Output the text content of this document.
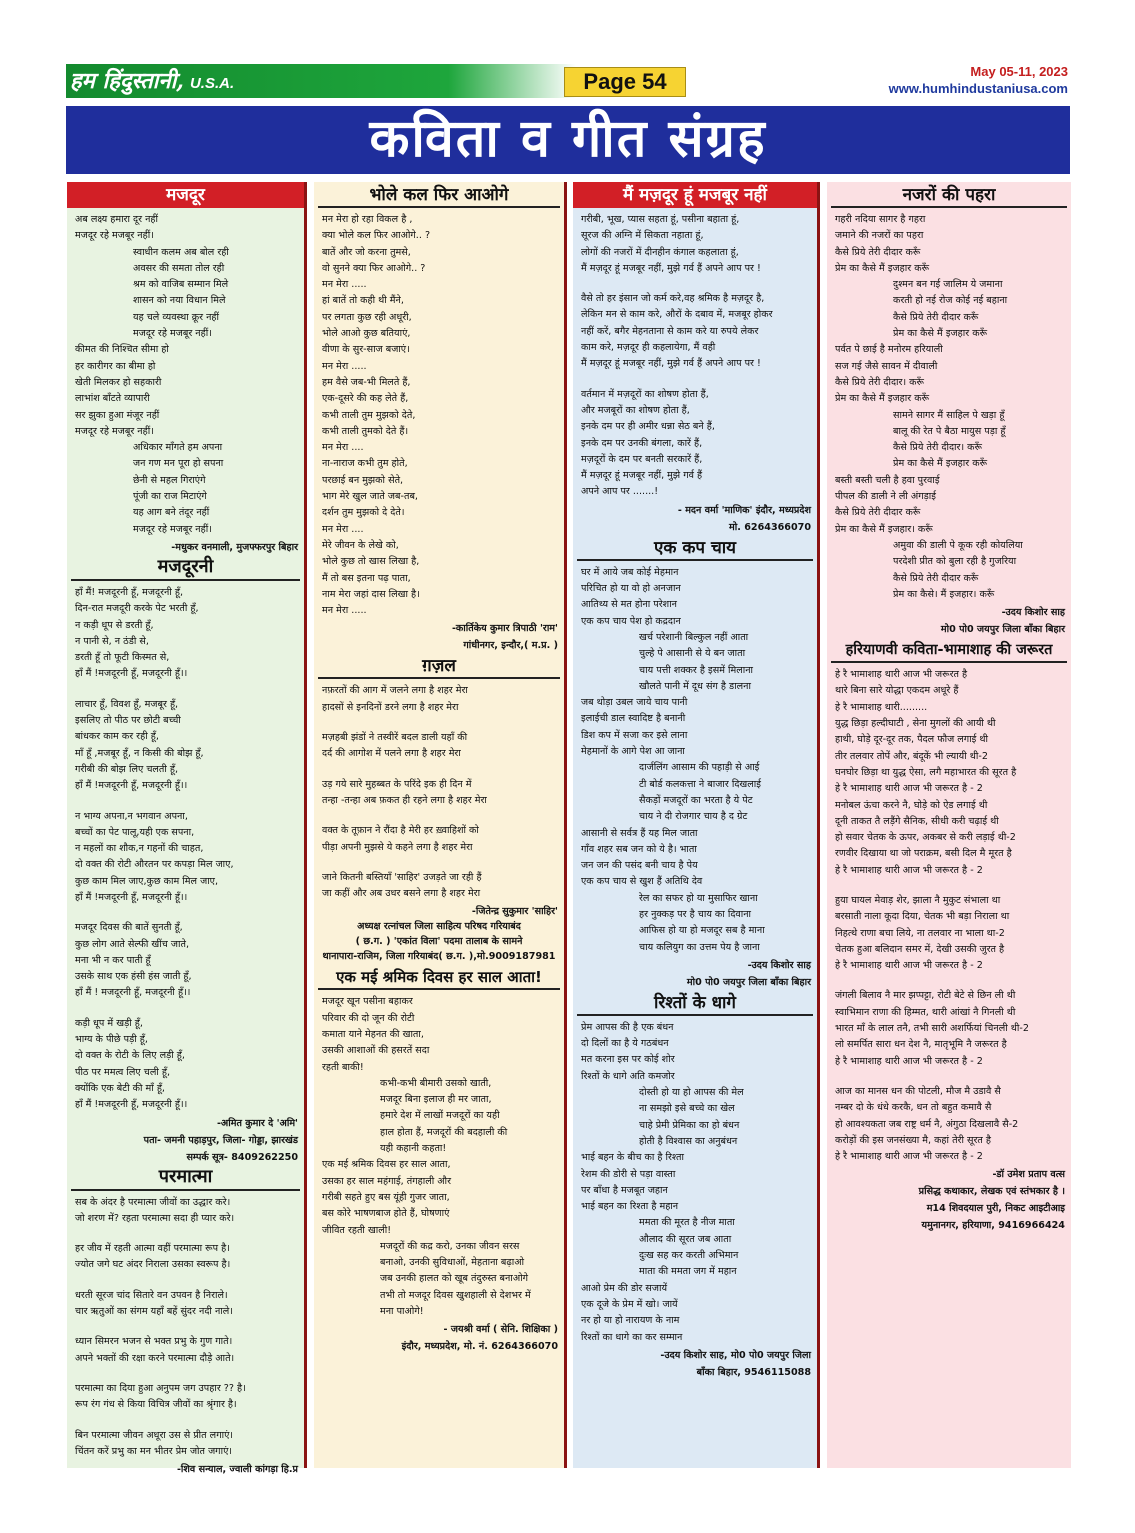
हम हिंदुस्तानी, U.S.A.	Page 54	May 05-11, 2023
www.humhindustaniusa.com
कविता व गीत संग्रह
मजदूर
अब लक्ष्य हमारा दूर नहीं
मजदूर रहे मजबूर नहीं।
स्वाधीन कलम अब बोल रही
अवसर की समता तोल रही
श्रम को वाजिब सम्मान मिले
शासन को नया विधान मिले
यह चले व्यवस्था क्रूर नहीं
मजदूर रहे मजबूर नहीं।
कीमत की निश्चित सीमा हो
हर कारीगर का बीमा हो
खेती मिलकर हो सहकारी
लाभांश बाँटते व्यापारी
सर झुका हुआ मंजूर नहीं
मजदूर रहे मजबूर नहीं।
अधिकार माँगते हम अपना
जन गण मन पूरा हो सपना
छेनी से महल गिराएंगे
पूंजी का राज मिटाएंगे
यह आग बने तंदूर नहीं
मजदूर रहे मजबूर नहीं।
-मधुकर वनमाली, मुजफ्फरपुर बिहार
मजदूरनी
हाँ मैं! मजदूरनी हूँ, मजदूरनी हूँ,
दिन-रात मजदूरी करके पेट भरती हूँ,
न कड़ी धूप से डरती हूँ,
न पानी से, न ठंडी से,
डरती हूँ तो फूटी किस्मत से,
हाँ मैं !मजदूरनी हूँ, मजदूरनी हूँ।।
लाचार हूँ, विवश हूँ, मजबूर हूँ,
इसलिए तो पीठ पर छोटी बच्ची
बांधकर काम कर रही हूँ,
माँ हूँ ,मजबूर हूँ, न किसी की बोझ हूँ,
गरीबी की बोझ लिए चलती हूँ,
हाँ मैं !मजदूरनी हूँ, मजदूरनी हूँ।।
न भाग्य अपना,न भगवान अपना,
बच्चों का पेट पालू,यही एक सपना,
न महलों का शौक,न गहनों की चाहत,
दो वक्त की रोटी औरतन पर कपड़ा मिल जाए,
कुछ काम मिल जाए,कुछ काम मिल जाए,
हाँ मैं !मजदूरनी हूँ, मजदूरनी हूँ।।
मजदूर दिवस की बातें सुनती हूँ,
कुछ लोग आते सेल्फी खींच जाते,
मना भी न कर पाती हूँ
उसके साथ एक हंसी हंस जाती हूँ,
हाँ मैं ! मजदूरनी हूँ, मजदूरनी हूँ।।
कड़ी धूप में खड़ी हूँ,
भाग्य के पीछे पड़ी हूँ,
दो वक्त के रोटी के लिए लड़ी हूँ,
पीठ पर ममत्व लिए चली हूँ,
क्योंकि एक बेटी की माँ हूँ,
हाँ मैं !मजदूरनी हूँ, मजदूरनी हूँ।।
-अमित कुमार दे 'अमि'
पता- जमनी पहाड़पुर, जिला- गोड्डा, झारखंड
सम्पर्क सूत्र- 8409262250
परमात्मा
सब के अंदर है परमात्मा जीवों का उद्धार करे।
जो शरण में? रहता परमात्मा सदा ही प्यार करे।
हर जीव में रहती आत्मा वहीं परमात्मा रूप है।
ज्योत जगे घट अंदर निराला उसका स्वरूप है।
धरती सूरज चांद सितारे वन उपवन है निराले।
चार ऋतुओं का संगम यहाँ बहें सुंदर नदी नाले।
ध्यान सिमरन भजन से भक्त प्रभु के गुण गाते।
अपने भक्तों की रक्षा करने परमात्मा दौड़े आते।
परमात्मा का दिया हुआ अनुपम जग उपहार ?? है।
रूप रंग गंध से किया विचित्र जीवों का श्रृंगार है।
बिन परमात्मा जीवन अधूरा उस से प्रीत लगाएं।
चिंतन करें प्रभु का मन भीतर प्रेम जोत जगाएं।
-शिव सन्याल, ज्वाली कांगड़ा हि.प्र
भोले कल फिर आओगे
मन मेरा हो रहा विकल है ,
क्या भोले कल फिर आओगे.. ?
बातें और जो करना तुमसे,
वो सुनने क्या फिर आओगे.. ?
मन मेरा .....
हां बातें तो कही थी मैंने,
पर लगता कुछ रही अधूरी,
भोले आओ कुछ बतियाएं,
वीणा के सुर-साज बजाएं।
मन मेरा .....
हम वैसे जब-भी मिलते हैं,
एक-दूसरे की कह लेते हैं,
कभी ताली तुम मुझको देते,
कभी ताली तुमको देते हैं।
मन मेरा ....
ना-नाराज कभी तुम होते,
परछाई बन मुझको सेते,
भाग मेरे खुल जाते जब-तब,
दर्शन तुम मुझको दे देते।
मन मेरा ....
मेरे जीवन के लेखे को,
भोले कुछ तो खास लिखा है,
मैं तो बस इतना पढ़ पाता,
नाम मेरा जहां दास लिखा है।
मन मेरा .....
-कार्तिकेय कुमार त्रिपाठी 'राम'
गांधीनगर, इन्दौर,( म.प्र. )
ग़ज़ल
नफ़रतों की आग में जलने लगा है शहर मेरा
हादसों से इनदिनों डरने लगा है शहर मेरा
मज़हबी झंडों ने तस्वीरें बदल डाली यहाँ की
दर्द की आगोश में पलने लगा है शहर मेरा
उड़ गये सारे मुहब्बत के परिंदे इक ही दिन में
तन्हा -तन्हा अब फ़कत ही रहने लगा है शहर मेरा
वक्त के तूफ़ान ने रौंदा है मेरी हर ख़्वाहिशों को
पीड़ा अपनी मुझसे ये कहने लगा है शहर मेरा
जाने कितनी बस्तियाँ 'साहिर' उजड़ते जा रही हैं
जा कहीं और अब उधर बसने लगा है शहर मेरा
-जितेन्द्र सुकुमार 'साहिर'
अध्यक्ष रत्नांचल जिला साहित्य परिषद गरियाबंद
( छ.ग. ) 'एकांत विला' पदमा तालाब के सामने
थानापारा-राजिम, जिला गरियाबंद( छ.ग. ),मो.9009187981
एक मई श्रमिक दिवस हर साल आता!
मजदूर खून पसीना बहाकर
परिवार की दो जून की रोटी
कमाता याने मेहनत की खाता,
उसकी आशाओं की हसरतें सदा
रहती बाकी!
कभी-कभी बीमारी उसको खाती,
मजदूर बिना इलाज ही मर जाता,
हमारे देश में लाखों मजदूरों का यही
हाल होता हैं, मजदूरों की बदहाली की
यही कहानी कहता!
एक मई श्रमिक दिवस हर साल आता,
उसका हर साल महंगाई, तंगहाली और
गरीबी सहते हुए बस यूंही गुजर जाता,
बस कोरे भाषणबाज होते हैं, घोषणाएं
जीवित रहती खाली!
मजदूरों की कद्र करो, उनका जीवन सरस
बनाओ, उनकी सुविधाओं, मेहताना बढ़ाओ
जब उनकी हालत को खूब तंदुरुस्त बनाओगे
तभी तो मजदूर दिवस खुशहाली से देशभर में
मना पाओगे!
- जयश्री वर्मा ( सेनि. शिक्षिका )
इंदौर, मध्यप्रदेश, मो. नं. 6264366070
मैं मज़दूर हूं मजबूर नहीं
गरीबी, भूख, प्यास सहता हूं, पसीना बहाता हूं,
सूरज की अग्नि में सिकता नहाता हूं,
लोगों की नजरों में दीनहीन कंगाल कहलाता हूं,
मैं मज़दूर हूं मजबूर नहीं, मुझे गर्व हैं अपने आप पर !
वैसे तो हर इंसान जो कर्म करे,वह श्रमिक है मज़दूर है,
लेकिन मन से काम करे, औरों के दबाव में, मजबूर होकर
नहीं करें, बगैर मेहनताना से काम करे या रुपये लेकर
काम करे, मज़दूर ही कहलायेगा, मैं वही
मैं मज़दूर हूं मजबूर नहीं, मुझे गर्व हैं अपने आप पर !
वर्तमान में मज़दूरों का शोषण होता हैं,
और मजबूरों का शोषण होता हैं,
इनके दम पर ही अमीर धन्ना सेठ बने हैं,
इनके दम पर उनकी बंगला, कारें हैं,
मज़दूरों के दम पर बनती सरकारें हैं,
मैं मज़दूर हूं मजबूर नहीं, मुझे गर्व हैं
अपने आप पर .......!
- मदन वर्मा 'माणिक' इंदौर, मध्यप्रदेश
मो. 6264366070
एक कप चाय
घर में आये जब कोई मेहमान
परिचित हो या वो हो अनजान
आतिथ्य से मत होना परेशान
एक कप चाय पेश हो कद्रदान
खर्च परेशानी बिल्कुल नहीं आता
चुल्हे पे आसानी से ये बन जाता
चाय पत्ती शक्कर है इसमें मिलाना
खौलते पानी में दूध संग है डालना
जब थोड़ा उबल जाये चाय पानी
इलाईची डाल स्वादिष्ट है बनानी
डिश कप में सजा कर इसे लाना
मेहमानों के आगे पेश आ जाना
दार्जलिंग आसाम की पहाड़ी से आई
टी बोर्ड कलकत्ता ने बाजार दिखलाई
सैकड़ों मजदूरों का भरता है ये पेट
चाय ने दी रोजगार चाय है द ग्रेट
आसानी से सर्वत्र हैं यह मिल जाता
गाँव शहर सब जन को ये है। भाता
जन जन की पसंद बनी चाय है पेय
एक कप चाय से खुश हैं अतिथि देव
रेल का सफर हो या मुसाफिर खाना
हर नुक्कड़ पर है चाय का दिवाना
आफिस हो या हो मजदूर सब है माना
चाय कलियुग का उत्तम पेय है जाना
-उदय किशोर साह
मो0 पो0 जयपुर जिला बाँका बिहार
रिश्तों के धागे
प्रेम आपस की है एक बंधन
दो दिलों का है ये गठबंधन
मत करना इस पर कोई शोर
रिश्तों के धागे अति कमजोर
दोस्ती हो या हो आपस की मेल
ना समझो इसे बच्चे का खेल
चाहे प्रेमी प्रेमिका का हो बंधन
होती है विश्वास का अनुबंधन
भाई बहन के बीच का है रिश्ता
रेशम की डोरी से पड़ा वास्ता
पर बाँधा है मजबूत जहान
भाई बहन का रिश्ता है महान
ममता की मूरत है नीज माता
औलाद की सूरत जब आता
दुःख सह कर करती अभिमान
माता की ममता जग में महान
आओ प्रेम की डोर सजायें
एक दूजे के प्रेम में खो। जायें
नर हो या हो नारायण के नाम
रिश्तों का धागे का कर सम्मान
-उदय किशोर साह, मो0 पो0 जयपुर जिला
बाँका बिहार, 9546115088
नजरों की पहरा
गहरी नदिया सागर है गहरा
जमाने की नजरों का पहरा
कैसे प्रिये तेरी दीदार करूँ
प्रेम का कैसे मैं इजहार करूँ
दुश्मन बन गई जालिम ये जमाना
करती हो नई रोज कोई नई बहाना
कैसे प्रिये तेरी दीदार करूँ
प्रेम का कैसे मैं इजहार करूँ
पर्वत पे छाई है मनोरम हरियाली
सज गई जैसे सावन में दीवाली
कैसे प्रिये तेरी दीदार। करूँ
प्रेम का कैसे मैं इजहार करूँ
सामने सागर मैं साहिल पे खड़ा हूँ
बालू की रेत पे बैठा मायुस पड़ा हूँ
कैसे प्रिये तेरी दीदार। करूँ
प्रेम का कैसे मैं इजहार करूँ
बस्ती बस्ती चली है हवा पुरवाई
पीपल की डाली ने ली अंगड़ाई
कैसे प्रिये तेरी दीदार करूँ
प्रेम का कैसे मैं इजहार। करूँ
अमुवा की डाली पे कूक रही कोयलिया
परदेशी प्रीत को बुला रही है गुजरिया
कैसे प्रिये तेरी दीदार करूँ
प्रेम का कैसे। मैं इजहार। करूँ
-उदय किशोर साह
मो0 पो0 जयपुर जिला बाँका बिहार
हरियाणवी कविता-भामाशाह की जरूरत
हे रै भामाशाह थारी आज भी जरूरत है
थारे बिना सारे योद्धा एकदम अधूरे हैं
हे रै भामाशाह थारी.........
युद्ध छिड़ा हल्दीघाटी , सेना मुगलों की आयी थी
हाथी, घोड़े दूर-दूर तक, पैदल फौज लगाई थी
तीर तलवार तोपें और, बंदूकें भी ल्यायी थी-2
घनघोर छिड़ा था युद्ध ऐसा, लगै महाभारत की सूरत है
हे रै भामाशाह थारी आज भी जरूरत है - 2
मनोबल ऊंचा करने नै, घोड़े को ऐड लगाई थी
दूनी ताकत तै लड़ैंगे सैनिक, सीधी करी चढ़ाई थी
हो सवार चेतक के ऊपर, अकबर से करी लड़ाई थी-2
रणवीर दिखाया था जो पराक्रम, बसी दिल मै मूरत है
हे रै भामाशाह थारी आज भी जरूरत है - 2
हुया घायल मेवाड़ शेर, झाला नै मुकुट संभाला था
बरसाती नाला कूदा दिया, चेतक भी बड़ा निराला था
निहत्थे राणा बचा लिये, ना तलवार ना भाला था-2
चेतक हुआ बलिदान समर में, देखी उसकी जुरत है
हे रै भामाशाह थारी आज भी जरूरत है - 2
जंगली बिलाव नै मार झप्पट्टा, रोटी बेटे से छिन ली थी
स्वाभिमान राणा की हिम्मत, थारी आंखां नै गिनली थी
भारत माँ के लाल तनै, तभी सारी अशर्फियां चिनली थी-2
लो समर्पित सारा धन देश नै, मातृभूमि नै जरूरत है
हे रै भामाशाह थारी आज भी जरूरत है - 2
आज का मानस धन की पोटली, मौज मै उडावै सै
नम्बर दो के धंधे करकै, धन तो बहुत कमावै सै
हो आवश्यकता जब राष्ट्र धर्म नै, अंगुठा दिखलावै सै-2
करोड़ों की इस जनसंख्या मै, कहां तेरी सूरत है
हे रै भामाशाह थारी आज भी जरूरत है - 2
-डॉ उमेश प्रताप वत्स
प्रसिद्ध कथाकार, लेखक एवं स्तंभकार है ।
म14 शिवदयाल पुरी, निकट आइटीआइ
यमुनानगर, हरियाणा, 9416966424
